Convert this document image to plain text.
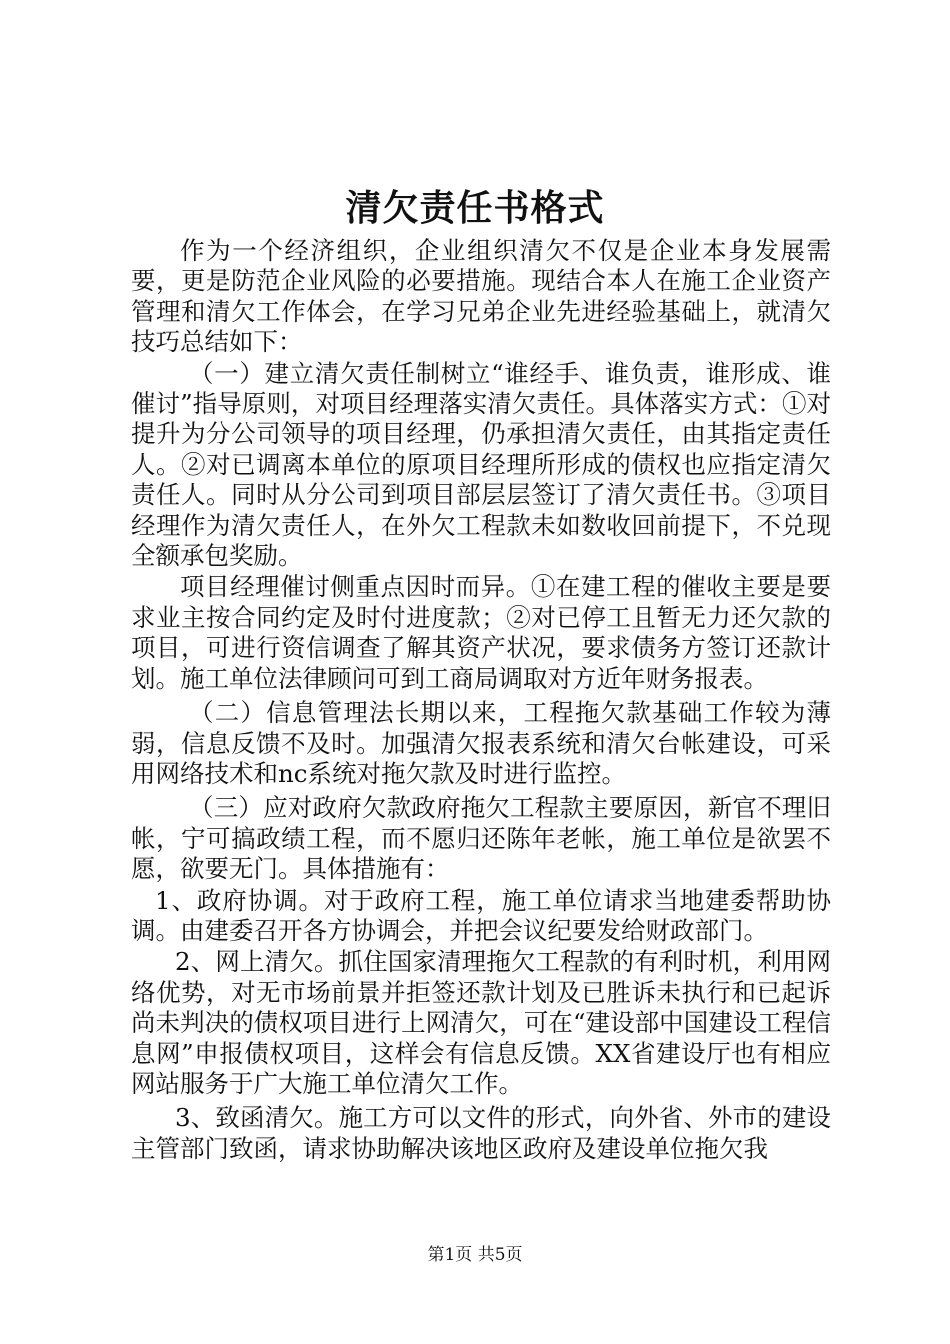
清欠责任书格式

作为一个经济组织，企业组织清欠不仅是企业本身发展需要，更是防范企业风险的必要措施。现结合本人在施工企业资产管理和清欠工作体会，在学习兄弟企业先进经验基础上，就清欠技巧总结如下：

（一）建立清欠责任制树立“谁经手、谁负责，谁形成、谁催讨”指导原则，对项目经理落实清欠责任。具体落实方式：①对提升为分公司领导的项目经理，仍承担清欠责任，由其指定责任人。②对已调离本单位的原项目经理所形成的债权也应指定清欠责任人。同时从分公司到项目部层层签订了清欠责任书。③项目经理作为清欠责任人，在外欠工程款未如数收回前提下，不兑现全额承包奖励。

项目经理催讨侧重点因时而异。①在建工程的催收主要是要求业主按合同约定及时付进度款；②对已停工且暂无力还欠款的项目，可进行资信调查了解其资产状况，要求债务方签订还款计划。施工单位法律顾问可到工商局调取对方近年财务报表。

（二）信息管理法长期以来，工程拖欠款基础工作较为薄弱，信息反馈不及时。加强清欠报表系统和清欠台帐建设，可采用网络技术和nc系统对拖欠款及时进行监控。

（三）应对政府欠款政府拖欠工程款主要原因，新官不理旧帐，宁可搞政绩工程，而不愿归还陈年老帐，施工单位是欲罢不愿，欲要无门。具体措施有：

1、政府协调。对于政府工程，施工单位请求当地建委帮助协调。由建委召开各方协调会，并把会议纪要发给财政部门。

2、网上清欠。抓住国家清理拖欠工程款的有利时机，利用网络优势，对无市场前景并拒签还款计划及已胜诉未执行和已起诉尚未判决的债权项目进行上网清欠，可在“建设部中国建设工程信息网”申报债权项目，这样会有信息反馈。XX省建设厅也有相应网站服务于广大施工单位清欠工作。

3、致函清欠。施工方可以文件的形式，向外省、外市的建设主管部门致函，请求协助解决该地区政府及建设单位拖欠我

第1页 共5页
